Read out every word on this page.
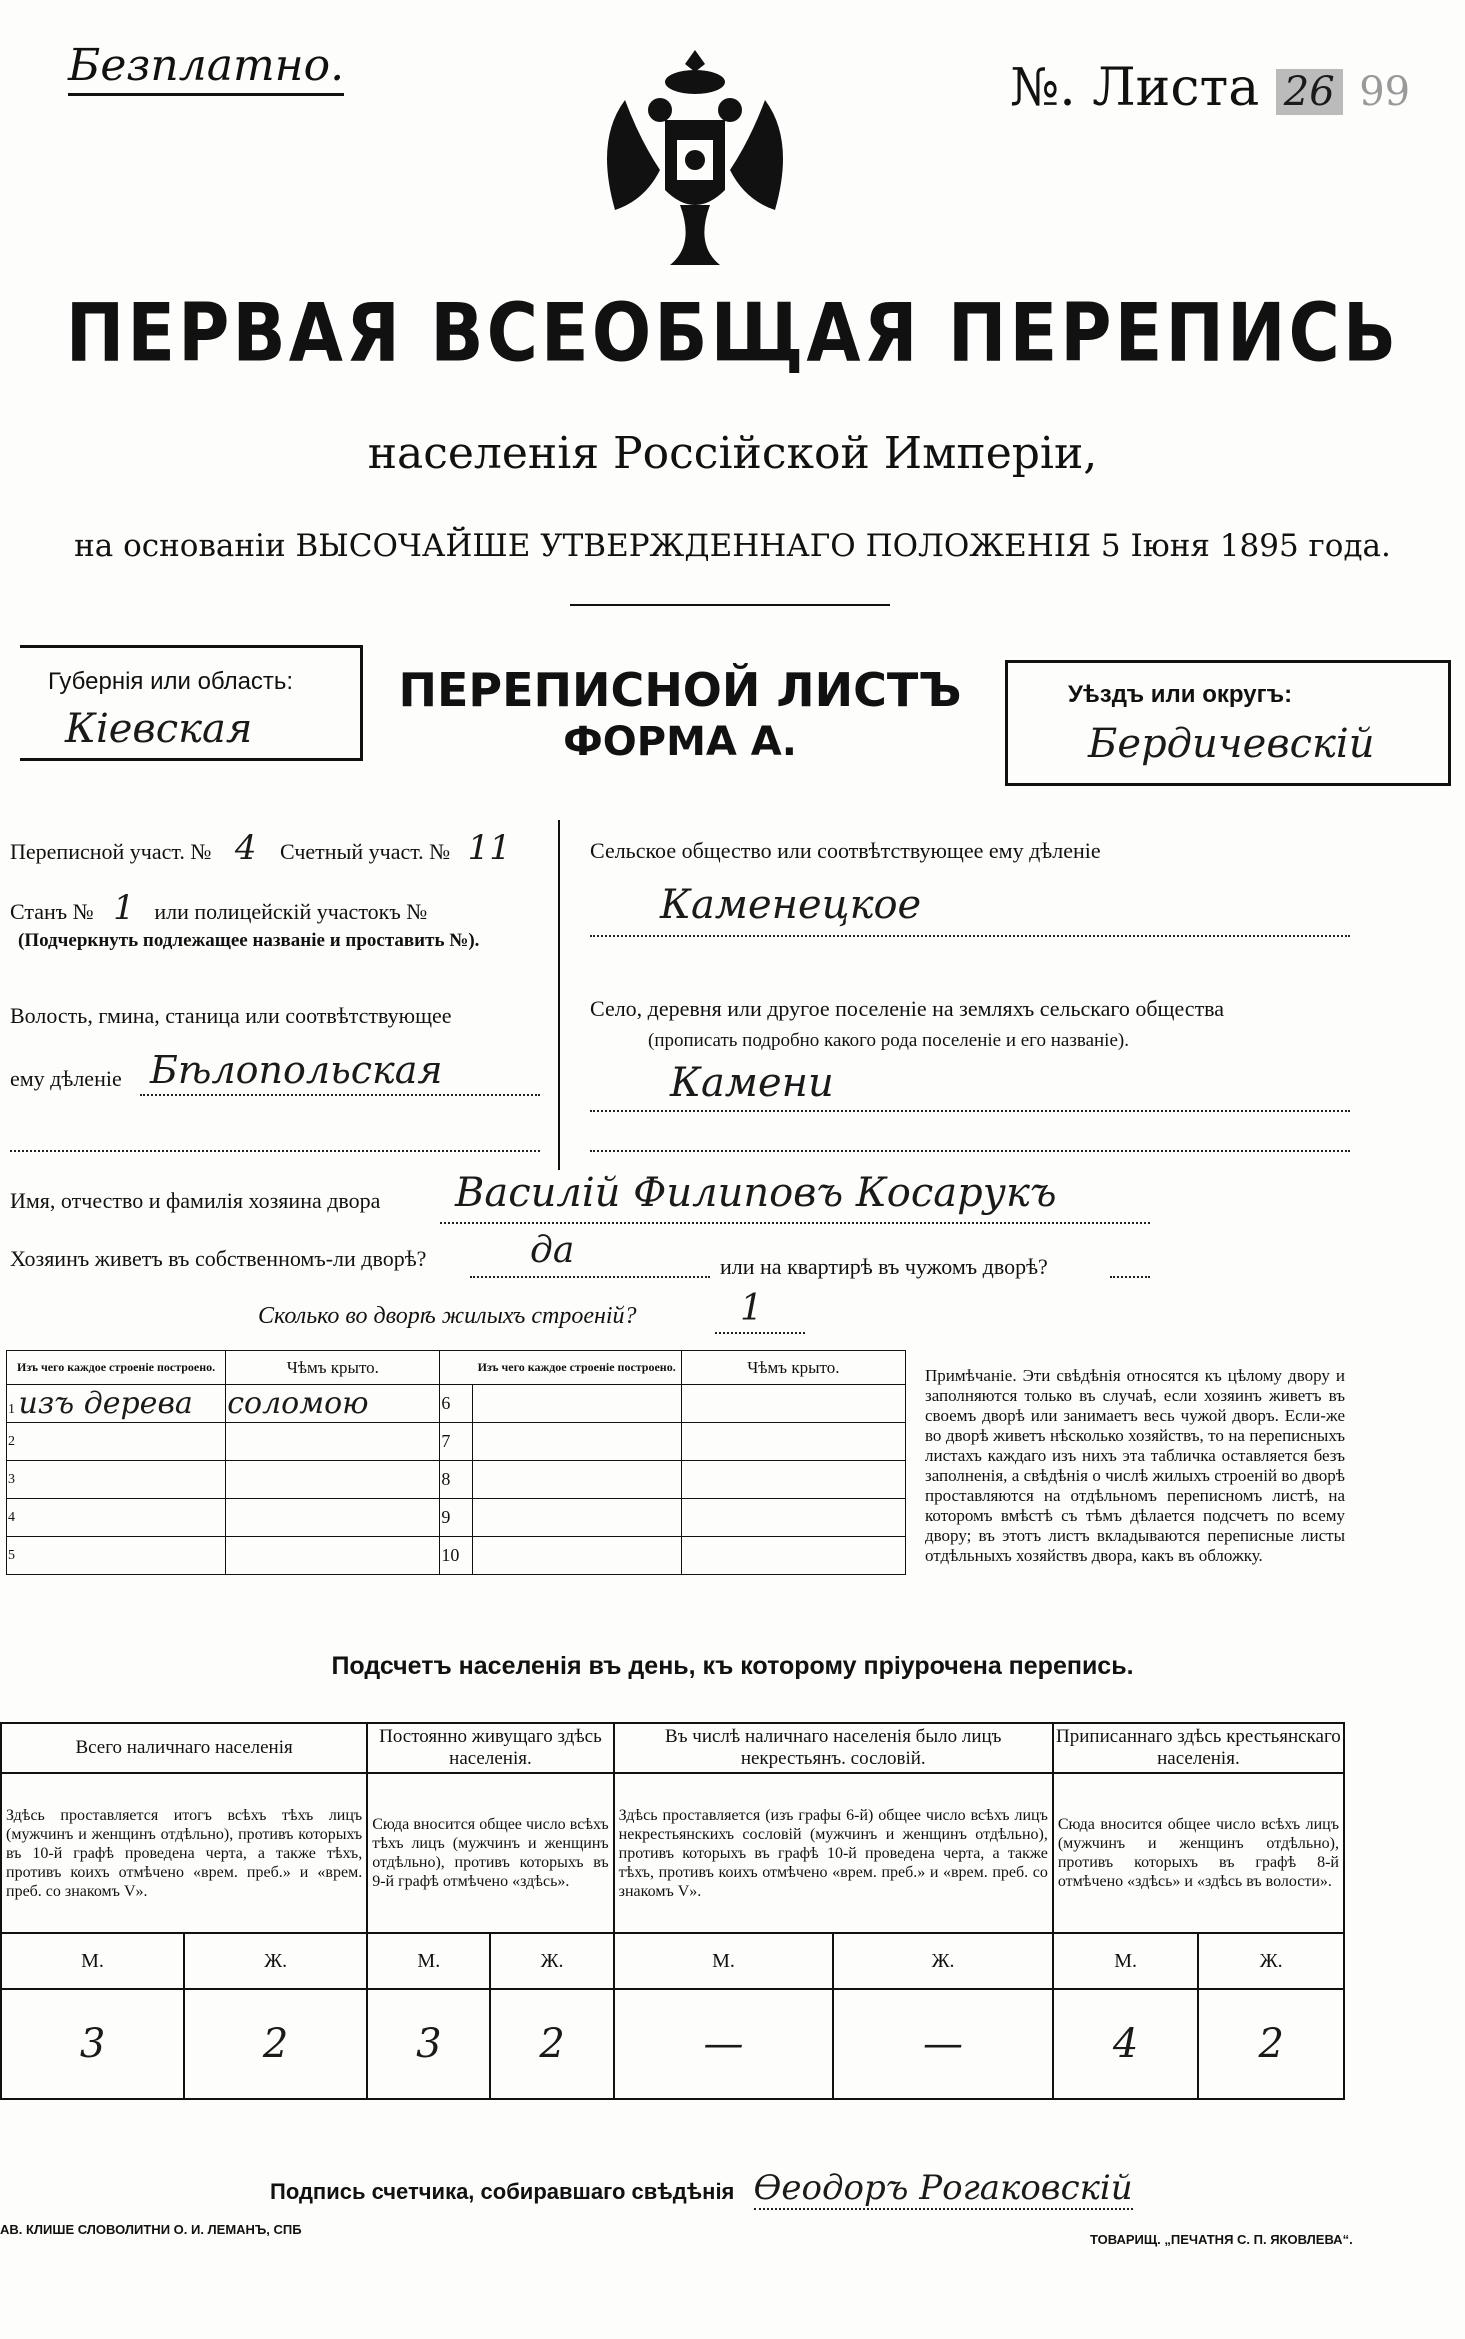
Безплатно.	№. Листа 26 99
ПЕРВАЯ ВСЕОБЩАЯ ПЕРЕПИСЬ
населенія Россійской Имперіи,
на основаніи ВЫСОЧАЙШЕ УТВЕРЖДЕННАГО ПОЛОЖЕНІЯ 5 Іюня 1895 года.
Губернія или область:
Кіевская
ПЕРЕПИСНОЙ ЛИСТЪ
ФОРМА А.
Уѣздъ или округъ:
Бердичевскій
Переписной участ. № 4 Счетный участ. № 11
Станъ № 1 или полицейскій участокъ №
(Подчеркнуть подлежащее названіе и проставить №).
Волость, гмина, станица или соотвѣтствующее
ему дѣленіе Бѣлопольская
Сельское общество или соотвѣтствующее ему дѣленіе
Каменецкое
Село, деревня или другое поселеніе на земляхъ сельскаго общества
(прописать подробно какого рода поселеніе и его названіе).
Камени
Имя, отчество и фамилія хозяина двора Василій Филиповъ Косарукъ
Хозяинъ живетъ въ собственномъ-ли дворѣ?	да	или на квартирѣ въ чужомъ дворѣ?
Сколько во дворѣ жилыхъ строеній?	1
Изъ чего каждое строеніе построено.	Чѣмъ крыто.		Изъ чего каждое строеніе построено.	Чѣмъ крыто.
1 изъ дерева	соломою	6		
2		7		
3		8		
4		9		
5		10		
Примѣчаніе. Эти свѣдѣнія относятся къ цѣлому двору и заполняются только въ случаѣ, если хозяинъ живетъ въ своемъ дворѣ или занимаетъ весь чужой дворъ. Если-же во дворѣ живетъ нѣсколько хозяйствъ, то на переписныхъ листахъ каждаго изъ нихъ эта табличка оставляется безъ заполненія, а свѣдѣнія о числѣ жилыхъ строеній во дворѣ проставляются на отдѣльномъ переписномъ листѣ, на которомъ вмѣстѣ съ тѣмъ дѣлается подсчетъ по всему двору; въ этотъ листъ вкладываются переписные листы отдѣльныхъ хозяйствъ двора, какъ въ обложку.
Подсчетъ населенія въ день, къ которому пріурочена перепись.
Всего наличнаго населенія		Постоянно живущаго здѣсь населенія.		Въ числѣ наличнаго населенія было лицъ некрестьянъ. сословій.		Приписаннаго здѣсь крестьянскаго населенія.	
Здѣсь проставляется итогъ всѣхъ тѣхъ лицъ (мужчинъ и женщинъ отдѣльно), противъ которыхъ въ 10-й графѣ проведена черта, а также тѣхъ, противъ коихъ отмѣчено «врем. преб.» и «врем. преб. со знакомъ V».		Сюда вносится общее число всѣхъ тѣхъ лицъ (мужчинъ и женщинъ отдѣльно), противъ которыхъ въ 9-й графѣ отмѣчено «здѣсь».		Здѣсь проставляется (изъ графы 6-й) общее число всѣхъ лицъ некрестьянскихъ сословій (мужчинъ и женщинъ отдѣльно), противъ которыхъ въ графѣ 10-й проведена черта, а также тѣхъ, противъ коихъ отмѣчено «врем. преб.» и «врем. преб. со знакомъ V».		Сюда вносится общее число всѣхъ лицъ (мужчинъ и женщинъ отдѣльно), противъ которыхъ въ графѣ 8-й отмѣчено «здѣсь» и «здѣсь въ волости».	
М.	Ж.	М.	Ж.	М.	Ж.	М.	Ж.
3	2	3	2	—	—	4	2
Подпись счетчика, собиравшаго свѣдѣнія Ѳеодоръ Рогаковскій
АВ. КЛИШЕ СЛОВОЛИТНИ О. И. ЛЕМАНЪ, СПБ
ТОВАРИЩ. „ПЕЧАТНЯ С. П. ЯКОВЛЕВА“.
